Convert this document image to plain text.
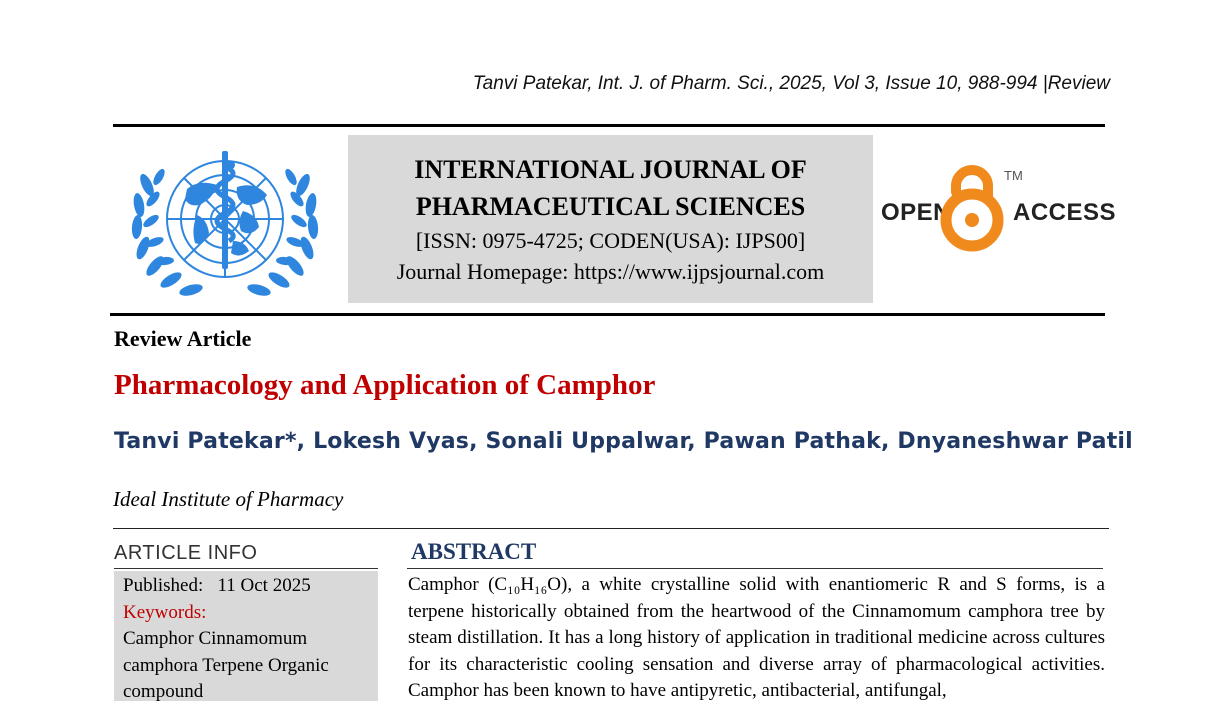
Tanvi Patekar, Int. J. of Pharm. Sci., 2025, Vol 3, Issue 10, 988-994 |Review
INTERNATIONAL JOURNAL OF
PHARMACEUTICAL SCIENCES
[ISSN: 0975-4725; CODEN(USA): IJPS00]
Journal Homepage: https://www.ijpsjournal.com
OPEN
TM
ACCESS
Review Article
Pharmacology and Application of Camphor
Tanvi Patekar*, Lokesh Vyas, Sonali Uppalwar, Pawan Pathak, Dnyaneshwar Patil
Ideal Institute of Pharmacy
ARTICLE INFO
Published: 11 Oct 2025
Keywords:
Camphor Cinnamomum camphora Terpene Organic compound
ABSTRACT
Camphor (C₁₀H₁₆O), a white crystalline solid with enantiomeric R and S forms, is a terpene historically obtained from the heartwood of the Cinnamomum camphora tree by steam distillation. It has a long history of application in traditional medicine across cultures for its characteristic cooling sensation and diverse array of pharmacological activities. Camphor has been known to have antipyretic, antibacterial, antifungal,
